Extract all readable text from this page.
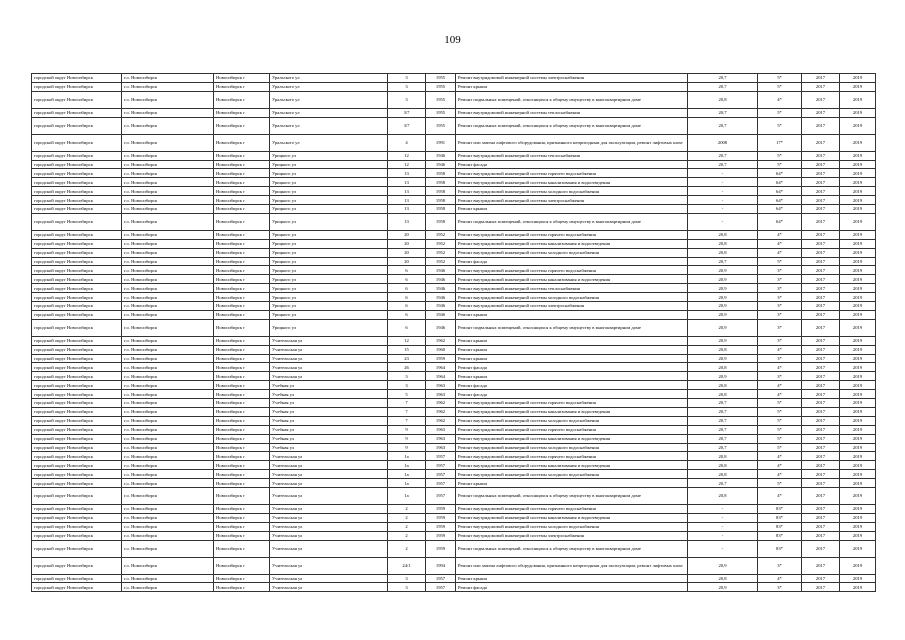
109
городской округ Новосибирск	г.о. Новосибирск	Новосибирск г	Уральского ул	3	1955	Ремонт внутридомовой инженерной системы электроснабжения	20,7	5*	2017	2019
городской округ Новосибирск	г.о. Новосибирск	Новосибирск г	Уральского ул	3	1955	Ремонт крыши	20,7	5*	2017	2019
городской округ Новосибирск	г.о. Новосибирск	Новосибирск г	Уральского ул	3	1955	Ремонт подвальных помещений, относящихся к общему имуществу в многоквартирном доме	20,8	4*	2017	2019
городской округ Новосибирск	г.о. Новосибирск	Новосибирск г	Уральского ул	3/7	1955	Ремонт внутридомовой инженерной системы теплоснабжения	20,7	5*	2017	2019
городской округ Новосибирск	г.о. Новосибирск	Новосибирск г	Уральского ул	3/7	1955	Ремонт подвальных помещений, относящихся к общему имуществу в многоквартирном доме	20,7	5*	2017	2019
городской округ Новосибирск	г.о. Новосибирск	Новосибирск г	Уральского ул	4	1991	Ремонт или замена лифтового оборудования, признанного непригодным для эксплуатации, ремонт лифтовых шахт	2008	17*	2017	2019
городской округ Новосибирск	г.о. Новосибирск	Новосибирск г	Урицкого ул	12	1946	Ремонт внутридомовой инженерной системы теплоснабжения	20,7	5*	2017	2019
городской округ Новосибирск	г.о. Новосибирск	Новосибирск г	Урицкого ул	12	1946	Ремонт фасада	20,7	5*	2017	2019
городской округ Новосибирск	г.о. Новосибирск	Новосибирск г	Урицкого ул	13	1958	Ремонт внутридомовой инженерной системы горячего водоснабжения	-	64*	2017	2019
городской округ Новосибирск	г.о. Новосибирск	Новосибирск г	Урицкого ул	13	1958	Ремонт внутридомовой инженерной системы канализования и водоотведения	-	64*	2017	2019
городской округ Новосибирск	г.о. Новосибирск	Новосибирск г	Урицкого ул	13	1958	Ремонт внутридомовой инженерной системы холодного водоснабжения	-	64*	2017	2019
городской округ Новосибирск	г.о. Новосибирск	Новосибирск г	Урицкого ул	13	1958	Ремонт внутридомовой инженерной системы электроснабжения	-	64*	2017	2019
городской округ Новосибирск	г.о. Новосибирск	Новосибирск г	Урицкого ул	13	1958	Ремонт крыши	-	64*	2017	2019
городской округ Новосибирск	г.о. Новосибирск	Новосибирск г	Урицкого ул	13	1958	Ремонт подвальных помещений, относящихся к общему имуществу в многоквартирном доме	-	64*	2017	2019
городской округ Новосибирск	г.о. Новосибирск	Новосибирск г	Урицкого ул	20	1952	Ремонт внутридомовой инженерной системы горячего водоснабжения	20,8	4*	2017	2019
городской округ Новосибирск	г.о. Новосибирск	Новосибирск г	Урицкого ул	20	1952	Ремонт внутридомовой инженерной системы канализования и водоотведения	20,8	4*	2017	2019
городской округ Новосибирск	г.о. Новосибирск	Новосибирск г	Урицкого ул	20	1952	Ремонт внутридомовой инженерной системы холодного водоснабжения	20,8	4*	2017	2019
городской округ Новосибирск	г.о. Новосибирск	Новосибирск г	Урицкого ул	20	1952	Ремонт фасада	20,7	5*	2017	2019
городской округ Новосибирск	г.о. Новосибирск	Новосибирск г	Урицкого ул	6	1946	Ремонт внутридомовой инженерной системы горячего водоснабжения	20,9	3*	2017	2019
городской округ Новосибирск	г.о. Новосибирск	Новосибирск г	Урицкого ул	6	1946	Ремонт внутридомовой инженерной системы канализования и водоотведения	20,9	3*	2017	2019
городской округ Новосибирск	г.о. Новосибирск	Новосибирск г	Урицкого ул	6	1946	Ремонт внутридомовой инженерной системы теплоснабжения	20,9	3*	2017	2019
городской округ Новосибирск	г.о. Новосибирск	Новосибирск г	Урицкого ул	6	1946	Ремонт внутридомовой инженерной системы холодного водоснабжения	20,9	3*	2017	2019
городской округ Новосибирск	г.о. Новосибирск	Новосибирск г	Урицкого ул	6	1946	Ремонт внутридомовой инженерной системы электроснабжения	20,9	3*	2017	2019
городской округ Новосибирск	г.о. Новосибирск	Новосибирск г	Урицкого ул	6	1946	Ремонт крыши	20,9	3*	2017	2019
городской округ Новосибирск	г.о. Новосибирск	Новосибирск г	Урицкого ул	6	1946	Ремонт подвальных помещений, относящихся к общему имуществу в многоквартирном доме	20,9	3*	2017	2019
городской округ Новосибирск	г.о. Новосибирск	Новосибирск г	Учительская ул	12	1962	Ремонт крыши	20,9	3*	2017	2019
городской округ Новосибирск	г.о. Новосибирск	Новосибирск г	Учительская ул	15	1960	Ремонт крыши	20,8	4*	2017	2019
городской округ Новосибирск	г.о. Новосибирск	Новосибирск г	Учительская ул	23	1959	Ремонт крыши	20,9	3*	2017	2019
городской округ Новосибирск	г.о. Новосибирск	Новосибирск г	Учительская ул	26	1964	Ремонт фасада	20,8	4*	2017	2019
городской округ Новосибирск	г.о. Новосибирск	Новосибирск г	Учительская ул	3	1964	Ремонт крыши	20,9	3*	2017	2019
городской округ Новосибирск	г.о. Новосибирск	Новосибирск г	Учебная ул	3	1963	Ремонт фасада	20,8	4*	2017	2019
городской округ Новосибирск	г.о. Новосибирск	Новосибирск г	Учебная ул	5	1963	Ремонт фасада	20,8	4*	2017	2019
городской округ Новосибирск	г.о. Новосибирск	Новосибирск г	Учебная ул	7	1962	Ремонт внутридомовой инженерной системы горячего водоснабжения	20,7	5*	2017	2019
городской округ Новосибирск	г.о. Новосибирск	Новосибирск г	Учебная ул	7	1962	Ремонт внутридомовой инженерной системы канализования и водоотведения	20,7	5*	2017	2019
городской округ Новосибирск	г.о. Новосибирск	Новосибирск г	Учебная ул	7	1962	Ремонт внутридомовой инженерной системы холодного водоснабжения	20,7	5*	2017	2019
городской округ Новосибирск	г.о. Новосибирск	Новосибирск г	Учебная ул	9	1963	Ремонт внутридомовой инженерной системы горячего водоснабжения	20,7	5*	2017	2019
городской округ Новосибирск	г.о. Новосибирск	Новосибирск г	Учебная ул	9	1963	Ремонт внутридомовой инженерной системы канализования и водоотведения	20,7	5*	2017	2019
городской округ Новосибирск	г.о. Новосибирск	Новосибирск г	Учебная ул	9	1963	Ремонт внутридомовой инженерной системы холодного водоснабжения	20,7	5*	2017	2019
городской округ Новосибирск	г.о. Новосибирск	Новосибирск г	Учительская ул	1а	1957	Ремонт внутридомовой инженерной системы горячего водоснабжения	20,8	4*	2017	2019
городской округ Новосибирск	г.о. Новосибирск	Новосибирск г	Учительская ул	1а	1957	Ремонт внутридомовой инженерной системы канализования и водоотведения	20,8	4*	2017	2019
городской округ Новосибирск	г.о. Новосибирск	Новосибирск г	Учительская ул	1а	1957	Ремонт внутридомовой инженерной системы холодного водоснабжения	20,8	4*	2017	2019
городской округ Новосибирск	г.о. Новосибирск	Новосибирск г	Учительская ул	1а	1957	Ремонт крыши	20,7	5*	2017	2019
городской округ Новосибирск	г.о. Новосибирск	Новосибирск г	Учительская ул	1а	1957	Ремонт подвальных помещений, относящихся к общему имуществу в многоквартирном доме	20,8	4*	2017	2019
городской округ Новосибирск	г.о. Новосибирск	Новосибирск г	Учительская ул	2	1959	Ремонт внутридомовой инженерной системы горячего водоснабжения	-	83*	2017	2019
городской округ Новосибирск	г.о. Новосибирск	Новосибирск г	Учительская ул	2	1959	Ремонт внутридомовой инженерной системы канализования и водоотведения	-	83*	2017	2019
городской округ Новосибирск	г.о. Новосибирск	Новосибирск г	Учительская ул	2	1959	Ремонт внутридомовой инженерной системы холодного водоснабжения	-	83*	2017	2019
городской округ Новосибирск	г.о. Новосибирск	Новосибирск г	Учительская ул	2	1959	Ремонт внутридомовой инженерной системы электроснабжения	-	83*	2017	2019
городской округ Новосибирск	г.о. Новосибирск	Новосибирск г	Учительская ул	2	1959	Ремонт подвальных помещений, относящихся к общему имуществу в многоквартирном доме	-	83*	2017	2019
городской округ Новосибирск	г.о. Новосибирск	Новосибирск г	Учительская ул	24/1	1994	Ремонт или замена лифтового оборудования, признанного непригодным для эксплуатации, ремонт лифтовых шахт	20,9	3*	2017	2019
городской округ Новосибирск	г.о. Новосибирск	Новосибирск г	Учительская ул	3	1957	Ремонт крыши	20,8	4*	2017	2019
городской округ Новосибирск	г.о. Новосибирск	Новосибирск г	Учительская ул	3	1957	Ремонт фасада	20,9	3*	2017	2019
